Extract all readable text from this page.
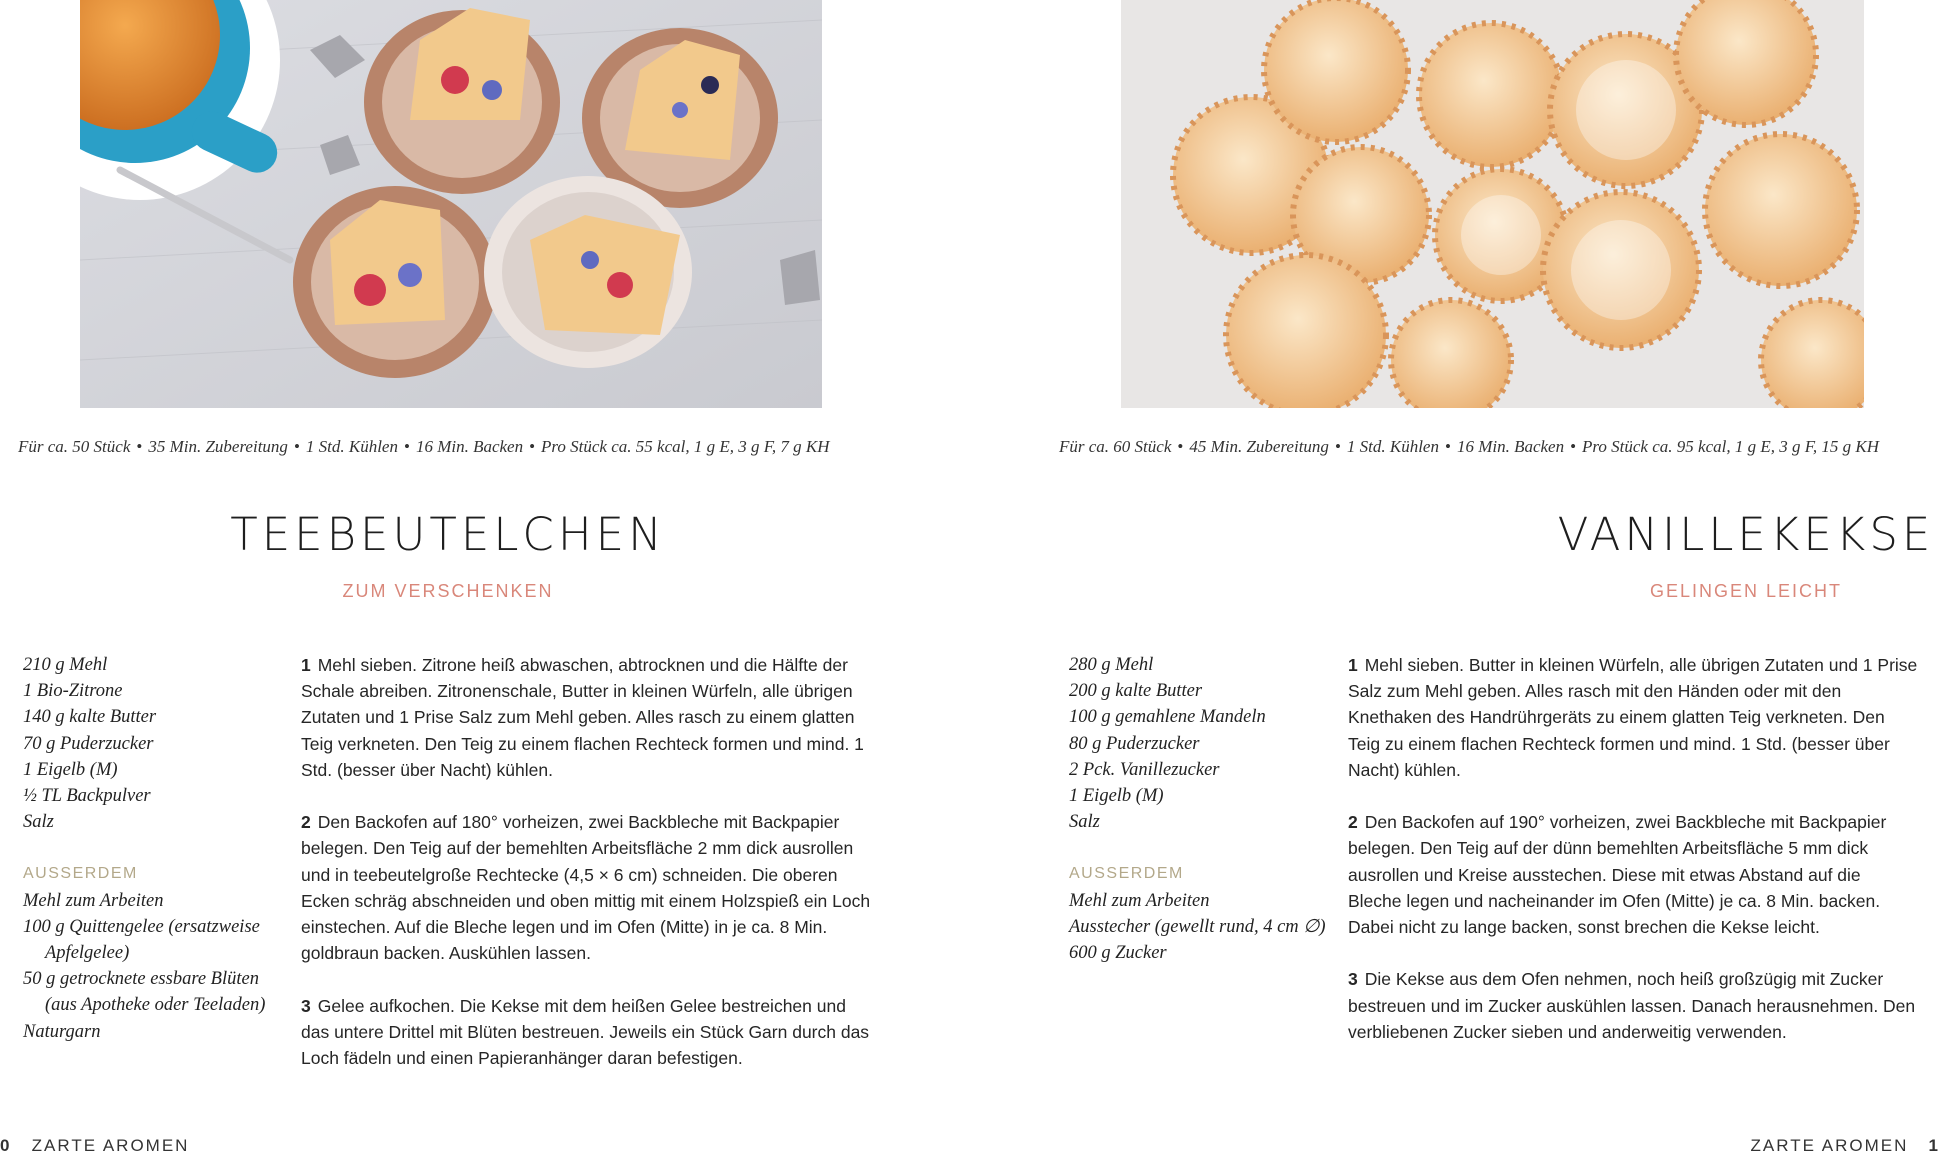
Für ca. 50 Stück • 35 Min. Zubereitung • 1 Std. Kühlen • 16 Min. Backen • Pro Stück ca. 55 kcal, 1 g E, 3 g F, 7 g KH
TEEBEUTELCHEN
ZUM VERSCHENKEN
210 g Mehl
1 Bio-Zitrone
140 g kalte Butter
70 g Puderzucker
1 Eigelb (M)
½ TL Backpulver
Salz
AUSSERDEM
Mehl zum Arbeiten
100 g Quittengelee (ersatzweise Apfelgelee)
50 g getrocknete essbare Blüten (aus Apotheke oder Teeladen)
Naturgarn

1 Mehl sieben. Zitrone heiß abwaschen, abtrocknen und die Hälfte der Schale abreiben. Zitronenschale, Butter in kleinen Würfeln, alle übrigen Zutaten und 1 Prise Salz zum Mehl geben. Alles rasch zu einem glatten Teig verkneten. Den Teig zu einem flachen Rechteck formen und mind. 1 Std. (besser über Nacht) kühlen.

2 Den Backofen auf 180° vorheizen, zwei Backbleche mit Backpapier belegen. Den Teig auf der bemehlten Arbeitsfläche 2 mm dick ausrollen und in teebeutelgroße Rechtecke (4,5 × 6 cm) schneiden. Die oberen Ecken schräg abschneiden und oben mittig mit einem Holzspieß ein Loch einstechen. Auf die Bleche legen und im Ofen (Mitte) in je ca. 8 Min. goldbraun backen. Auskühlen lassen.

3 Gelee aufkochen. Die Kekse mit dem heißen Gelee bestreichen und das untere Drittel mit Blüten bestreuen. Jeweils ein Stück Garn durch das Loch fädeln und einen Papieranhänger daran befestigen.

0 ZARTE AROMEN
Für ca. 60 Stück • 45 Min. Zubereitung • 1 Std. Kühlen • 16 Min. Backen • Pro Stück ca. 95 kcal, 1 g E, 3 g F, 15 g KH
VANILLEKEKSE
GELINGEN LEICHT
280 g Mehl
200 g kalte Butter
100 g gemahlene Mandeln
80 g Puderzucker
2 Pck. Vanillezucker
1 Eigelb (M)
Salz
AUSSERDEM
Mehl zum Arbeiten
Ausstecher (gewellt rund, 4 cm ∅)
600 g Zucker

1 Mehl sieben. Butter in kleinen Würfeln, alle übrigen Zutaten und 1 Prise Salz zum Mehl geben. Alles rasch mit den Händen oder mit den Knethaken des Handrührgeräts zu einem glatten Teig verkneten. Den Teig zu einem flachen Rechteck formen und mind. 1 Std. (besser über Nacht) kühlen.

2 Den Backofen auf 190° vorheizen, zwei Backbleche mit Backpapier belegen. Den Teig auf der dünn bemehlten Arbeitsfläche 5 mm dick ausrollen und Kreise ausstechen. Diese mit etwas Abstand auf die Bleche legen und nacheinander im Ofen (Mitte) je ca. 8 Min. backen. Dabei nicht zu lange backen, sonst brechen die Kekse leicht.

3 Die Kekse aus dem Ofen nehmen, noch heiß großzügig mit Zucker bestreuen und im Zucker auskühlen lassen. Danach herausnehmen. Den verbliebenen Zucker sieben und anderweitig verwenden.

ZARTE AROMEN 1
